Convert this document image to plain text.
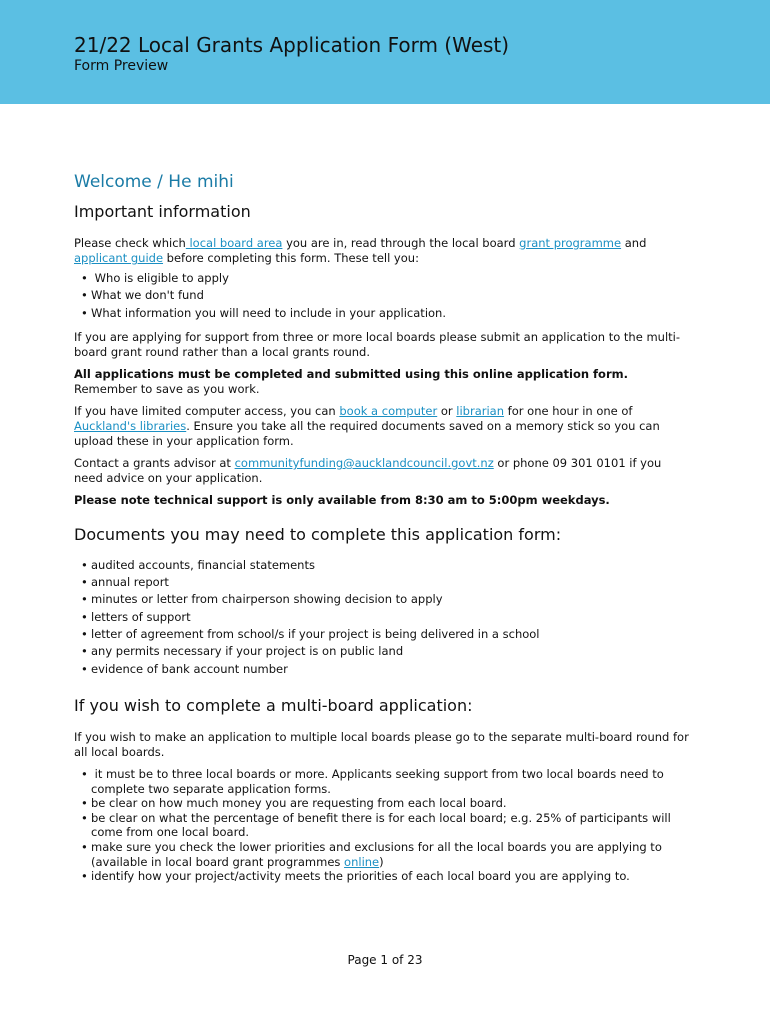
21/22 Local Grants Application Form (West)
Form Preview
Welcome / He mihi
Important information

Please check which local board area you are in, read through the local board grant programme and applicant guide before completing this form. These tell you:

• Who is eligible to apply
• What we don't fund
• What information you will need to include in your application.

If you are applying for support from three or more local boards please submit an application to the multi-board grant round rather than a local grants round.

All applications must be completed and submitted using this online application form. Remember to save as you work.

If you have limited computer access, you can book a computer or librarian for one hour in one of Auckland's libraries. Ensure you take all the required documents saved on a memory stick so you can upload these in your application form.

Contact a grants advisor at communityfunding@aucklandcouncil.govt.nz or phone 09 301 0101 if you need advice on your application.

Please note technical support is only available from 8:30 am to 5:00pm weekdays.

Documents you may need to complete this application form:
• audited accounts, financial statements
• annual report
• minutes or letter from chairperson showing decision to apply
• letters of support
• letter of agreement from school/s if your project is being delivered in a school
• any permits necessary if your project is on public land
• evidence of bank account number
If you wish to complete a multi-board application:

If you wish to make an application to multiple local boards please go to the separate multi-board round for all local boards.

• it must be to three local boards or more. Applicants seeking support from two local boards need to complete two separate application forms.
• be clear on how much money you are requesting from each local board.
• be clear on what the percentage of benefit there is for each local board; e.g. 25% of participants will come from one local board.
• make sure you check the lower priorities and exclusions for all the local boards you are applying to (available in local board grant programmes online)
• identify how your project/activity meets the priorities of each local board you are applying to.
Page 1 of 23
